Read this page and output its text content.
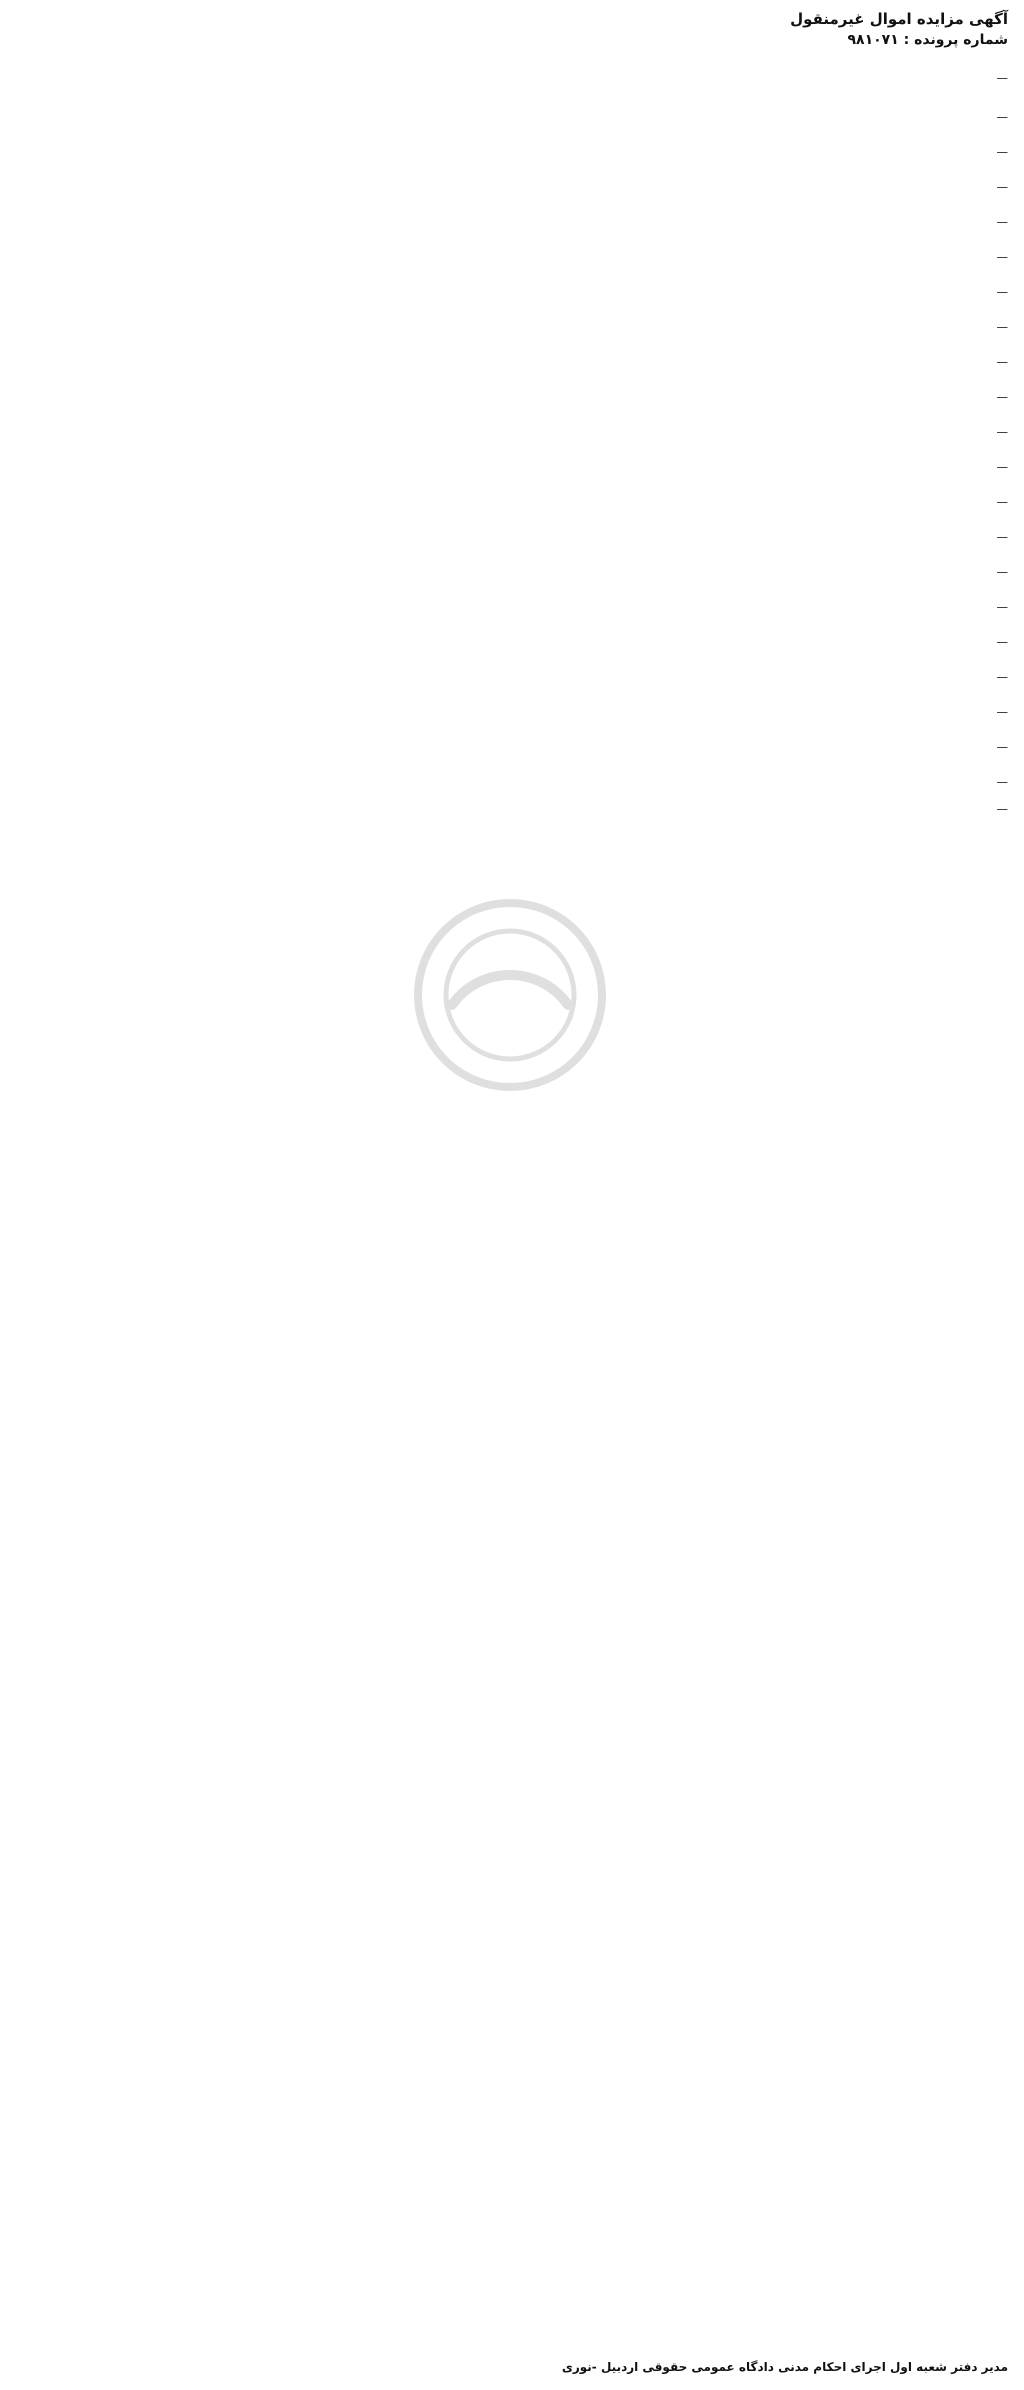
آگهی مزایده اموال غیرمنقول
شماره پرونده : ۹۸۱۰۷۱
—
—
—
—
—
—
—
—
—
—
—
—
—
—
—
—
—
—
—
—
—
—
مدیر دفتر شعبه اول اجرای احکام مدنی دادگاه عمومی حقوقی اردبیل -نوری
